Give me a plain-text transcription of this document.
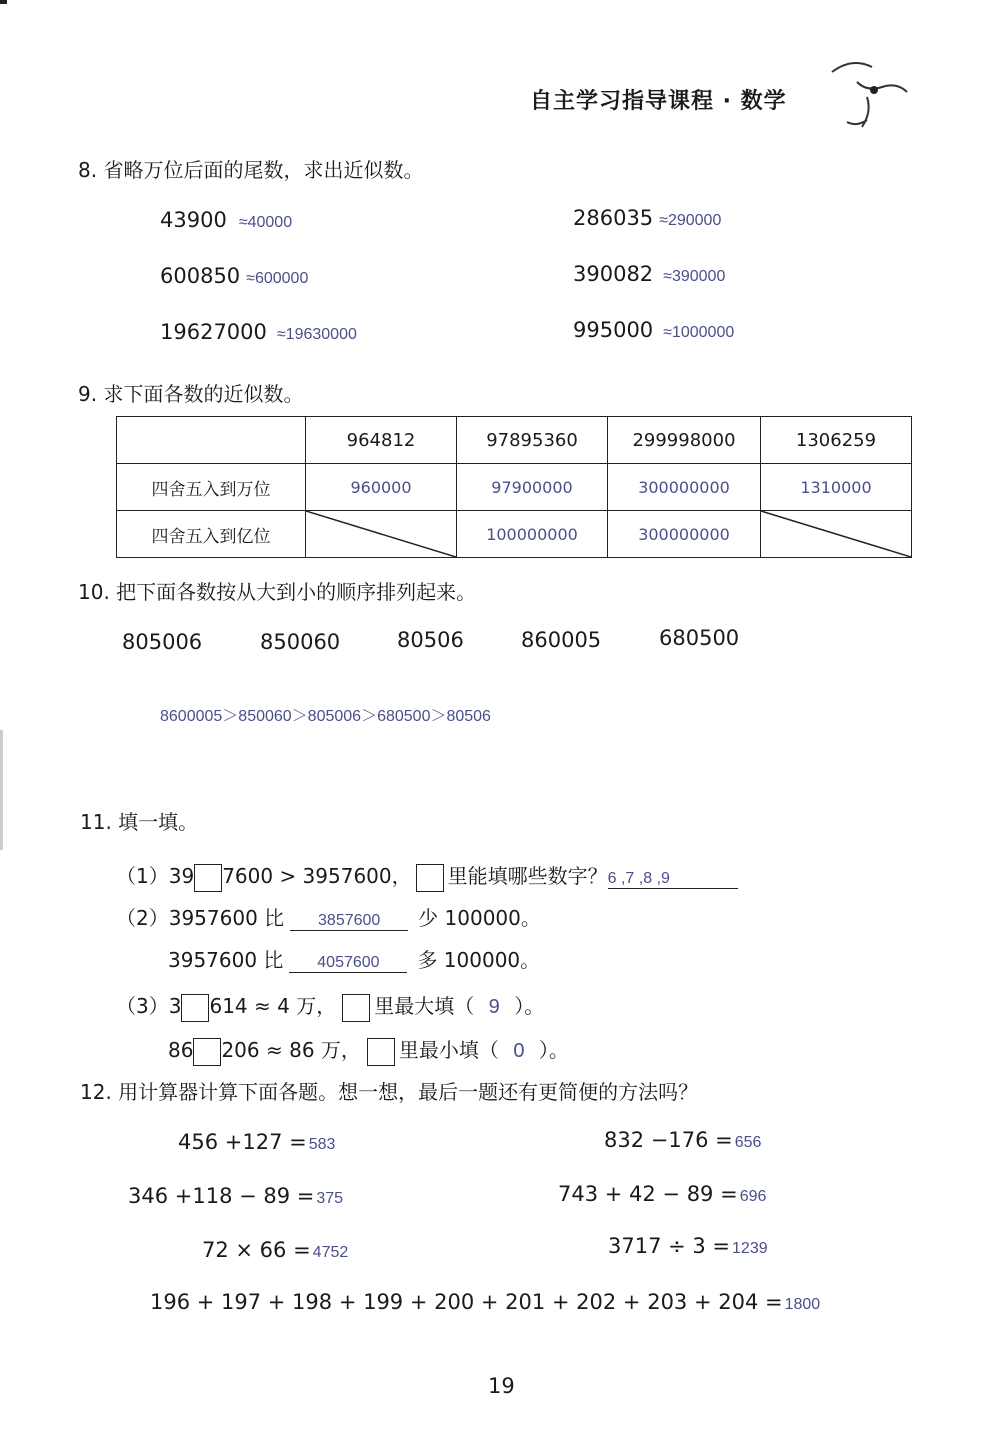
自主学习指导课程 · 数学
8. 省略万位后面的尾数，求出近似数。
43900 ≈40000	286035 ≈290000
600850 ≈600000	390082 ≈390000
19627000 ≈19630000	995000 ≈1000000
9. 求下面各数的近似数。
	964812	97895360	299998000	1306259
四舍五入到万位	960000	97900000	300000000	1310000
四舍五入到亿位		100000000	300000000	
10. 把下面各数按从大到小的顺序排列起来。
805006	850060	80506	860005	680500
8600005＞850060＞805006＞680500＞80506
11. 填一填。
（1）39 7600 > 3957600， 里能填哪些数字？6 ,7 ,8 ,9
（2）3957600 比 3857600 少 100000。
3957600 比 4057600 多 100000。
（3）3 614 ≈ 4 万， 里最大填（ 9 ）。
86 206 ≈ 86 万， 里最小填（ 0 ）。
12. 用计算器计算下面各题。想一想，最后一题还有更简便的方法吗？
456 +127 = 583	832 −176 = 656
346 +118 − 89 = 375	743 + 42 − 89 = 696
72 × 66 = 4752	3717 ÷ 3 = 1239
196 + 197 + 198 + 199 + 200 + 201 + 202 + 203 + 204 = 1800
19
